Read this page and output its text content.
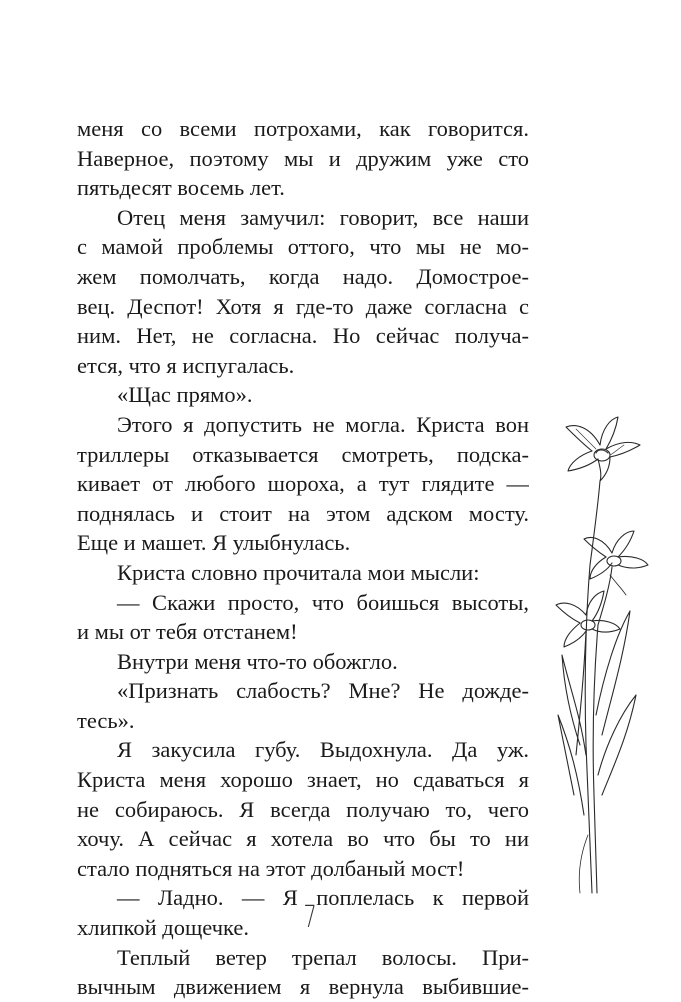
меня со всеми потрохами, как говорится.

Наверное, поэтому мы и дружим уже сто

пятьдесят восемь лет.

Отец меня замучил: говорит, все наши

с мамой проблемы оттого, что мы не мо-

жем помолчать, когда надо. Домострое-

вец. Деспот! Хотя я где-то даже согласна с

ним. Нет, не согласна. Но сейчас получа-

ется, что я испугалась.

«Щас прямо».

Этого я допустить не могла. Криста вон

триллеры отказывается смотреть, подска-

кивает от любого шороха, а тут глядите —

поднялась и стоит на этом адском мосту.

Еще и машет. Я улыбнулась.

Криста словно прочитала мои мысли:

— Скажи просто, что боишься высоты,

и мы от тебя отстанем!

Внутри меня что-то обожгло.

«Признать слабость? Мне? Не дожде-

тесь».

Я закусила губу. Выдохнула. Да уж.

Криста меня хорошо знает, но сдаваться я

не собираюсь. Я всегда получаю то, чего

хочу. А сейчас я хотела во что бы то ни

стало подняться на этот долбаный мост!

— Ладно. — Я поплелась к первой

хлипкой дощечке.

Теплый ветер трепал волосы. При-

вычным движением я вернула выбившие-

7
